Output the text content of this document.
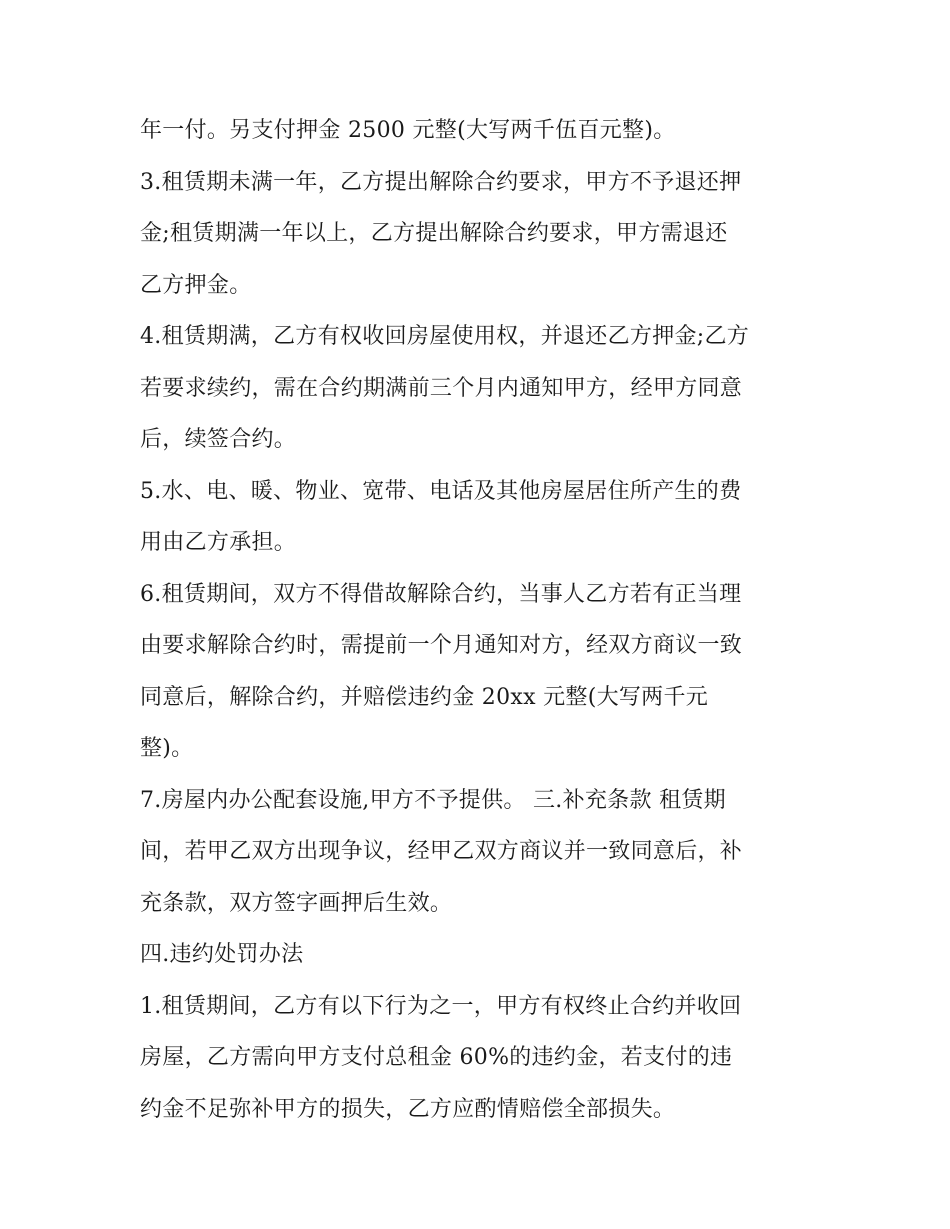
年一付。另支付押金 2500 元整(大写两千伍百元整)。
3.租赁期未满一年，乙方提出解除合约要求，甲方不予退还押
金;租赁期满一年以上，乙方提出解除合约要求，甲方需退还
乙方押金。
4.租赁期满，乙方有权收回房屋使用权，并退还乙方押金;乙方
若要求续约，需在合约期满前三个月内通知甲方，经甲方同意
后，续签合约。
5.水、电、暖、物业、宽带、电话及其他房屋居住所产生的费
用由乙方承担。
6.租赁期间，双方不得借故解除合约，当事人乙方若有正当理
由要求解除合约时，需提前一个月通知对方，经双方商议一致
同意后，解除合约，并赔偿违约金 20xx 元整(大写两千元
整)。
7.房屋内办公配套设施,甲方不予提供。 三.补充条款 租赁期
间，若甲乙双方出现争议，经甲乙双方商议并一致同意后，补
充条款，双方签字画押后生效。
四.违约处罚办法
1.租赁期间，乙方有以下行为之一，甲方有权终止合约并收回
房屋，乙方需向甲方支付总租金 60%的违约金，若支付的违
约金不足弥补甲方的损失，乙方应酌情赔偿全部损失。
